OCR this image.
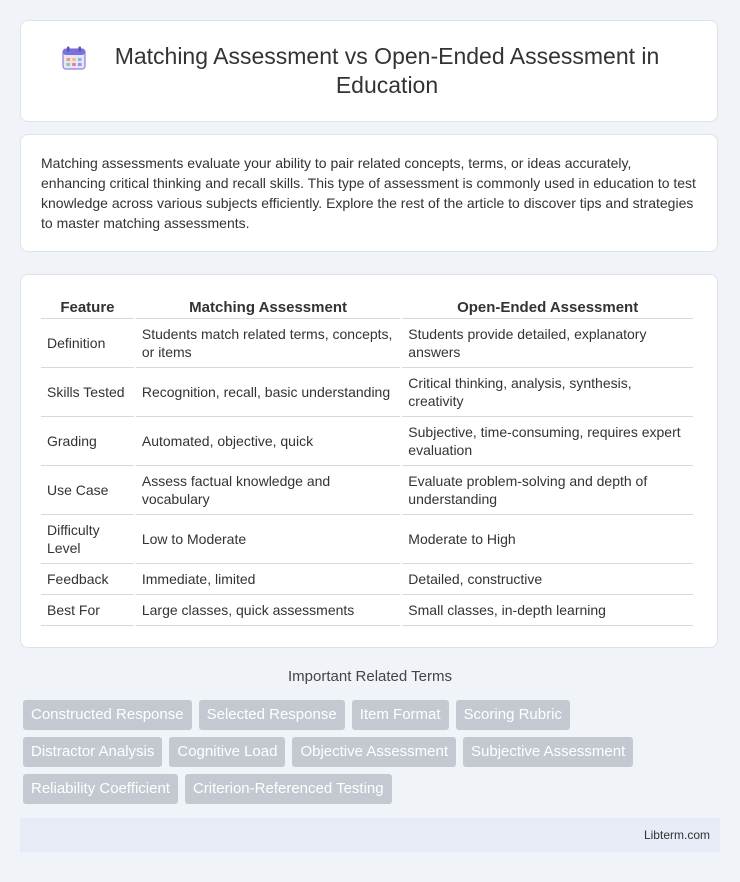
Matching Assessment vs Open-Ended Assessment in Education
Matching assessments evaluate your ability to pair related concepts, terms, or ideas accurately, enhancing critical thinking and recall skills. This type of assessment is commonly used in education to test knowledge across various subjects efficiently. Explore the rest of the article to discover tips and strategies to master matching assessments.
Feature	Matching Assessment	Open-Ended Assessment
Definition	Students match related terms, concepts, or items	Students provide detailed, explanatory answers
Skills Tested	Recognition, recall, basic understanding	Critical thinking, analysis, synthesis, creativity
Grading	Automated, objective, quick	Subjective, time-consuming, requires expert evaluation
Use Case	Assess factual knowledge and vocabulary	Evaluate problem-solving and depth of understanding
Difficulty Level	Low to Moderate	Moderate to High
Feedback	Immediate, limited	Detailed, constructive
Best For	Large classes, quick assessments	Small classes, in-depth learning
Important Related Terms
Constructed Response	Selected Response	Item Format	Scoring Rubric
Distractor Analysis	Cognitive Load	Objective Assessment	Subjective Assessment
Reliability Coefficient	Criterion-Referenced Testing
Libterm.com
